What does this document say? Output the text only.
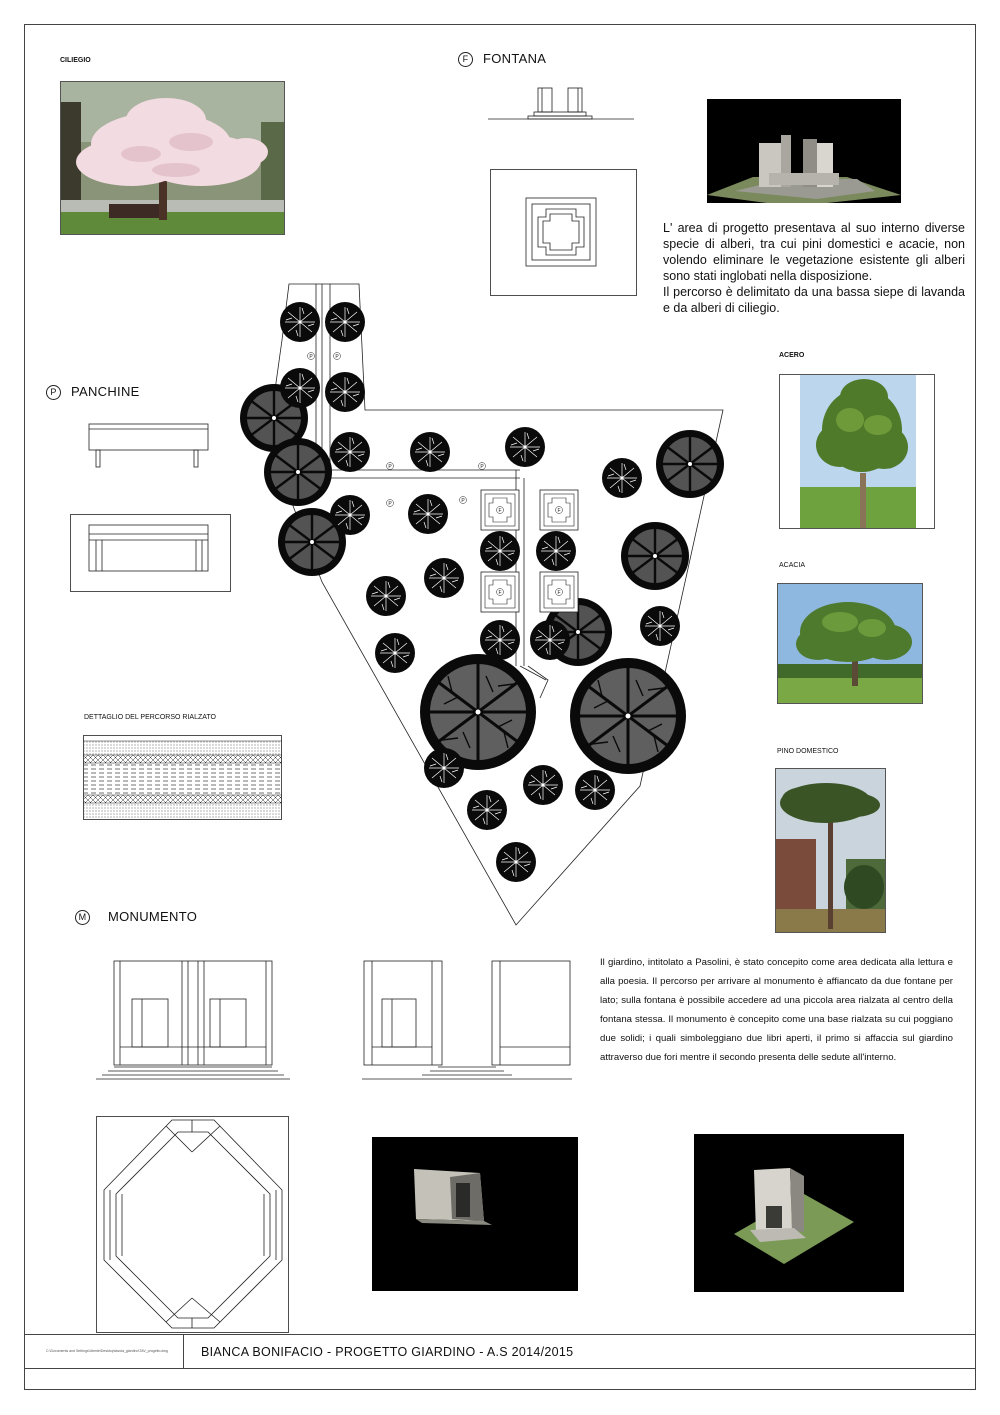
CILIEGIO	F FONTANA
L' area di progetto presentava al suo interno diverse specie di alberi, tra cui pini domestici e acacie, non volendo eliminare le vegetazione esistente gli alberi sono stati inglobati nella disposizione.
Il percorso è delimitato da una bassa siepe di lavanda e da alberi di ciliegio.
ACERO
ACACIA
PINO DOMESTICO
P PANCHINE
DETTAGLIO DEL PERCORSO RIALZATO
P	P
P	P
P	P
F	F
F	F
M MONUMENTO
Il giardino, intitolato a Pasolini, è stato concepito come area dedicata alla lettura e alla poesia. Il percorso per arrivare al monumento è affiancato da due fontane per lato; sulla fontana è possibile accedere ad una piccola area rialzata al centro della fontana stessa. Il monumento è concepito come una base rialzata su cui poggiano due solidi; i quali simboleggiano due libri aperti, il primo si affaccia sul giardino attraverso due fori mentre il secondo presenta delle sedute all'interno.
C:\Documents and Settings\Utente\Desktop\tavola_giardino\TAV_progetto.dwg	BIANCA BONIFACIO - PROGETTO GIARDINO - A.S 2014/2015
